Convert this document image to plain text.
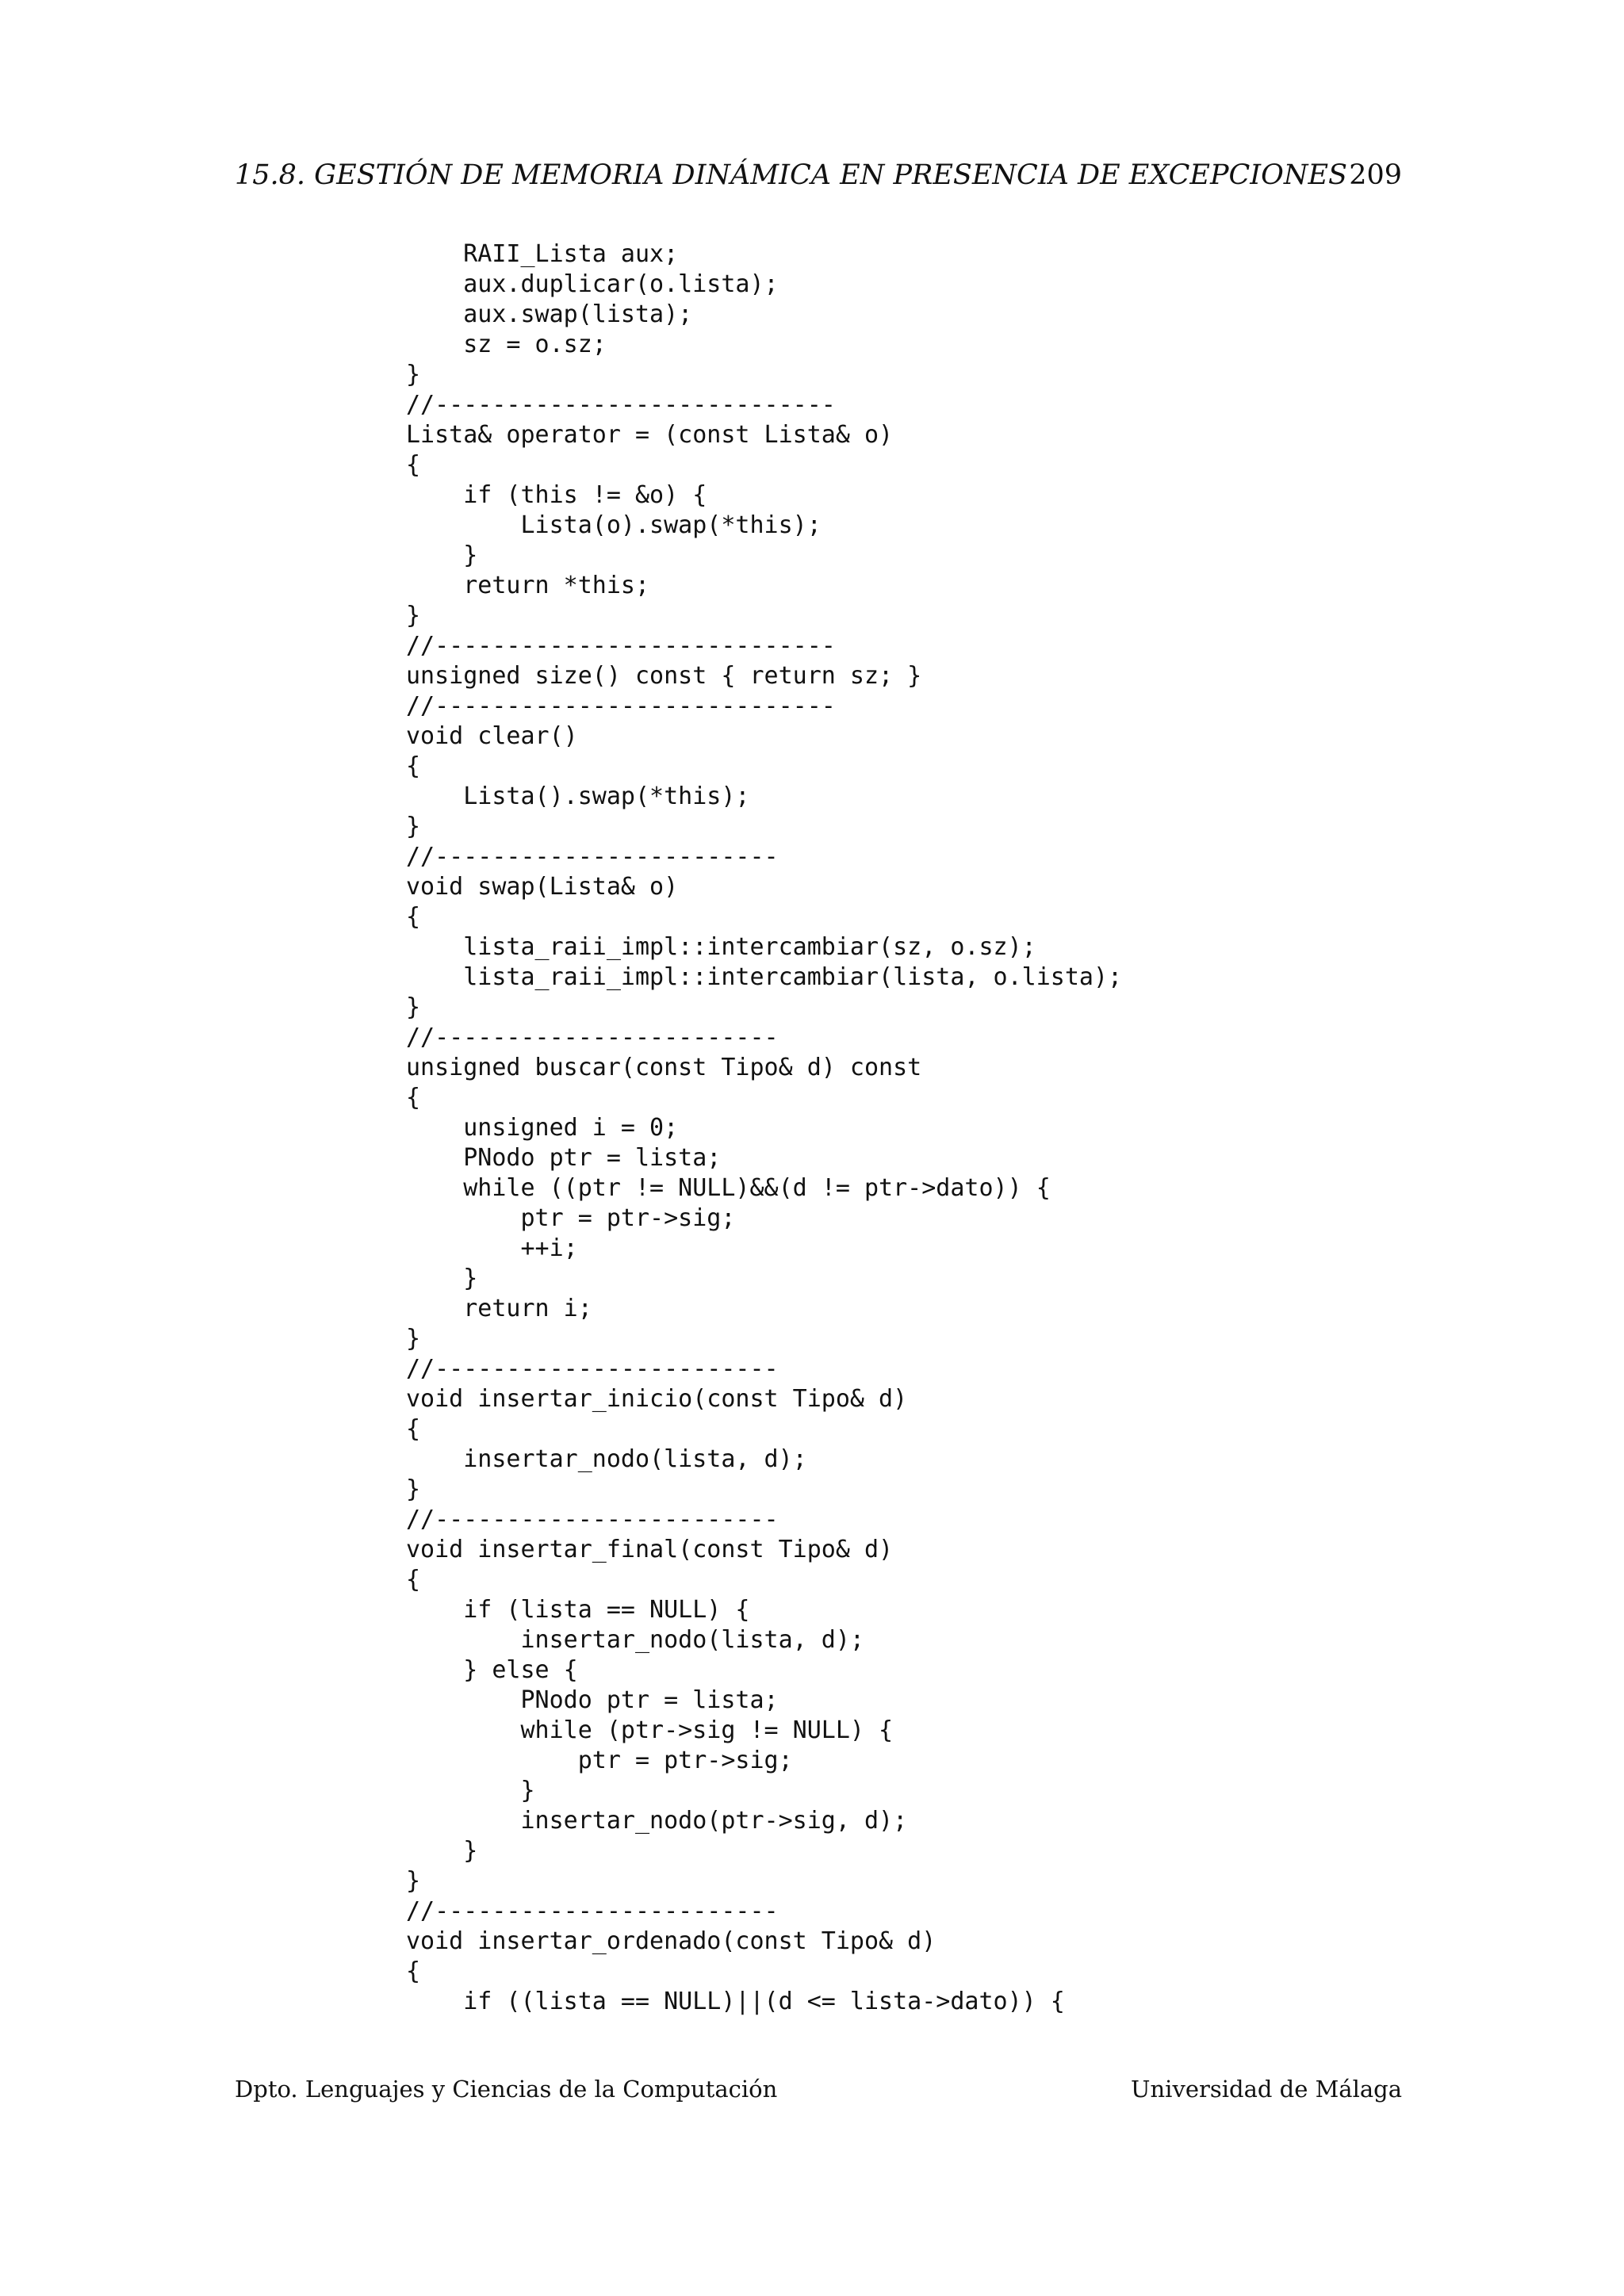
15.8. GESTIÓN DE MEMORIA DINÁMICA EN PRESENCIA DE EXCEPCIONES 209
RAII_Lista aux;
aux.duplicar(o.lista);
aux.swap(lista);
sz = o.sz;
}
//----------------------------
Lista& operator = (const Lista& o)
{
if (this != &o) {
Lista(o).swap(*this);
}
return *this;
}
//----------------------------
unsigned size() const { return sz; }
//----------------------------
void clear()
{
Lista().swap(*this);
}
//------------------------
void swap(Lista& o)
{
lista_raii_impl::intercambiar(sz, o.sz);
lista_raii_impl::intercambiar(lista, o.lista);
}
//------------------------
unsigned buscar(const Tipo& d) const
{
unsigned i = 0;
PNodo ptr = lista;
while ((ptr != NULL)&&(d != ptr->dato)) {
ptr = ptr->sig;
++i;
}
return i;
}
//------------------------
void insertar_inicio(const Tipo& d)
{
insertar_nodo(lista, d);
}
//------------------------
void insertar_final(const Tipo& d)
{
if (lista == NULL) {
insertar_nodo(lista, d);
} else {
PNodo ptr = lista;
while (ptr->sig != NULL) {
ptr = ptr->sig;
}
insertar_nodo(ptr->sig, d);
}
}
//------------------------
void insertar_ordenado(const Tipo& d)
{
if ((lista == NULL)||(d <= lista->dato)) {
Dpto. Lenguajes y Ciencias de la Computación	Universidad de Málaga
